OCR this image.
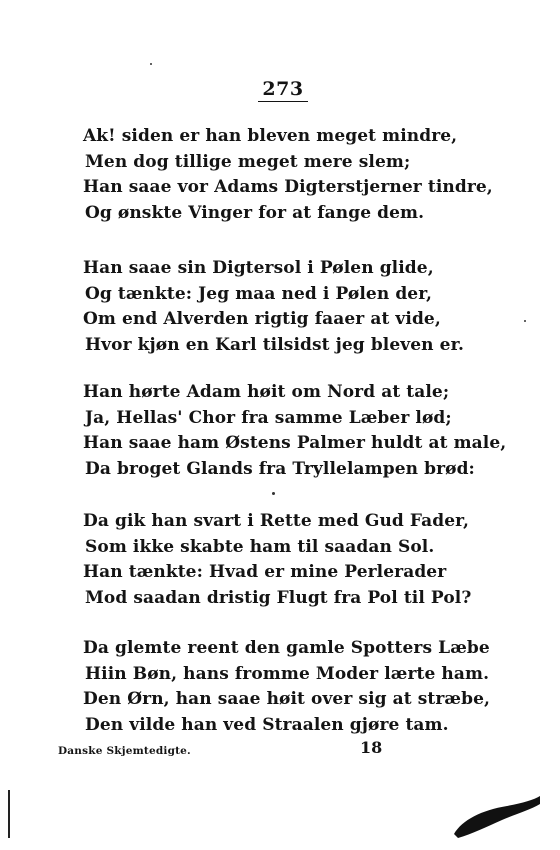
273
Ak! siden er han bleven meget mindre,
Men dog tillige meget mere slem;
Han saae vor Adams Digterstjerner tindre,
Og ønskte Vinger for at fange dem.
Han saae sin Digtersol i Pølen glide,
Og tænkte: Jeg maa ned i Pølen der,
Om end Alverden rigtig faaer at vide,
Hvor kjøn en Karl tilsidst jeg bleven er.
Han hørte Adam høit om Nord at tale;
Ja, Hellas' Chor fra samme Læber lød;
Han saae ham Østens Palmer huldt at male,
Da broget Glands fra Tryllelampen brød:
Da gik han svart i Rette med Gud Fader,
Som ikke skabte ham til saadan Sol.
Han tænkte: Hvad er mine Perlerader
Mod saadan dristig Flugt fra Pol til Pol?
Da glemte reent den gamle Spotters Læbe
Hiin Bøn, hans fromme Moder lærte ham.
Den Ørn, han saae høit over sig at stræbe,
Den vilde han ved Straalen gjøre tam.
Danske Skjemtedigte.	18
